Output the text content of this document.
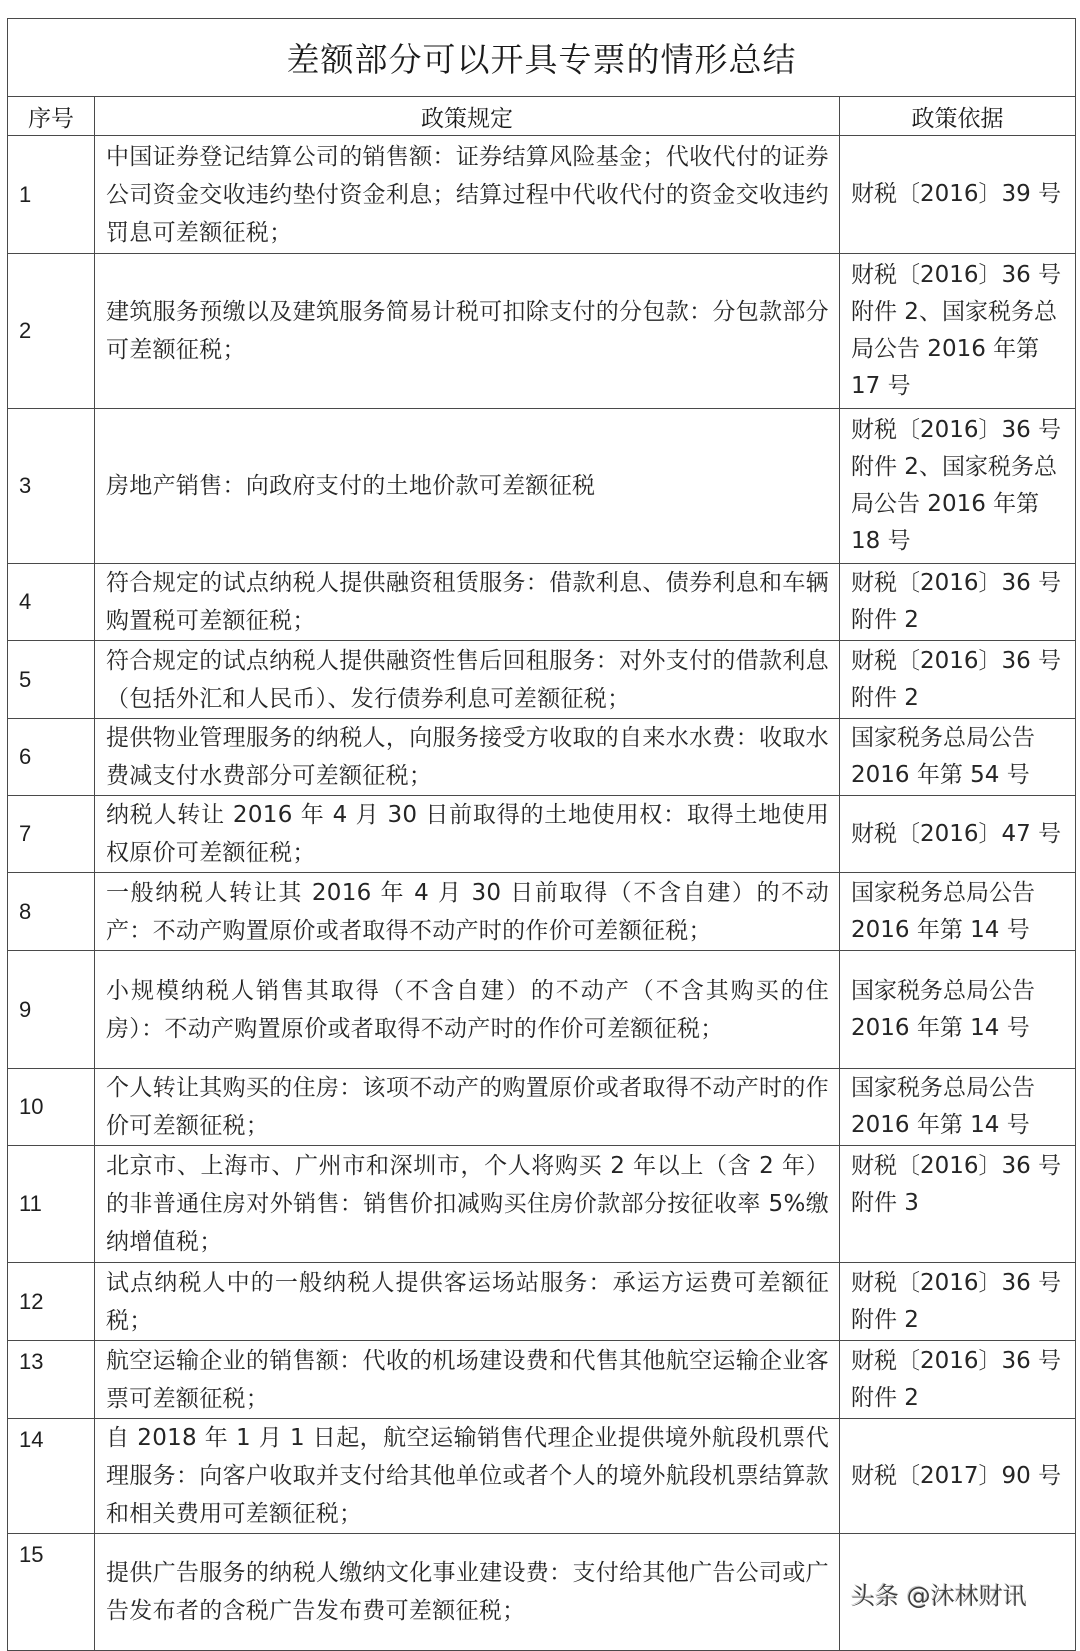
差额部分可以开具专票的情形总结		
序号	政策规定	政策依据
1	中国证券登记结算公司的销售额：证券结算风险基金；代收代付的证券公司资金交收违约垫付资金利息；结算过程中代收代付的资金交收违约罚息可差额征税；	财税〔2016〕39 号
2	建筑服务预缴以及建筑服务简易计税可扣除支付的分包款：分包款部分可差额征税；	财税〔2016〕36 号附件 2、国家税务总局公告 2016 年第 17 号
3	房地产销售：向政府支付的土地价款可差额征税	财税〔2016〕36 号附件 2、国家税务总局公告 2016 年第 18 号
4	符合规定的试点纳税人提供融资租赁服务：借款利息、债券利息和车辆购置税可差额征税；	财税〔2016〕36 号附件 2
5	符合规定的试点纳税人提供融资性售后回租服务：对外支付的借款利息（包括外汇和人民币）、发行债券利息可差额征税；	财税〔2016〕36 号附件 2
6	提供物业管理服务的纳税人，向服务接受方收取的自来水水费：收取水费减支付水费部分可差额征税；	国家税务总局公告 2016 年第 54 号
7	纳税人转让 2016 年 4 月 30 日前取得的土地使用权：取得土地使用权原价可差额征税；	财税〔2016〕47 号
8	一般纳税人转让其 2016 年 4 月 30 日前取得（不含自建）的不动产：不动产购置原价或者取得不动产时的作价可差额征税；	国家税务总局公告 2016 年第 14 号
9	小规模纳税人销售其取得（不含自建）的不动产（不含其购买的住房）：不动产购置原价或者取得不动产时的作价可差额征税；	国家税务总局公告 2016 年第 14 号
10	个人转让其购买的住房：该项不动产的购置原价或者取得不动产时的作价可差额征税；	国家税务总局公告 2016 年第 14 号
11	北京市、上海市、广州市和深圳市，个人将购买 2 年以上（含 2 年）的非普通住房对外销售：销售价扣减购买住房价款部分按征收率 5%缴纳增值税；	财税〔2016〕36 号附件 3
12	试点纳税人中的一般纳税人提供客运场站服务：承运方运费可差额征税；	财税〔2016〕36 号附件 2
13	航空运输企业的销售额：代收的机场建设费和代售其他航空运输企业客票可差额征税；	财税〔2016〕36 号附件 2
14	自 2018 年 1 月 1 日起，航空运输销售代理企业提供境外航段机票代理服务：向客户收取并支付给其他单位或者个人的境外航段机票结算款和相关费用可差额征税；	财税〔2017〕90 号
15	提供广告服务的纳税人缴纳文化事业建设费：支付给其他广告公司或广告发布者的含税广告发布费可差额征税；	头条 @沐林财讯
